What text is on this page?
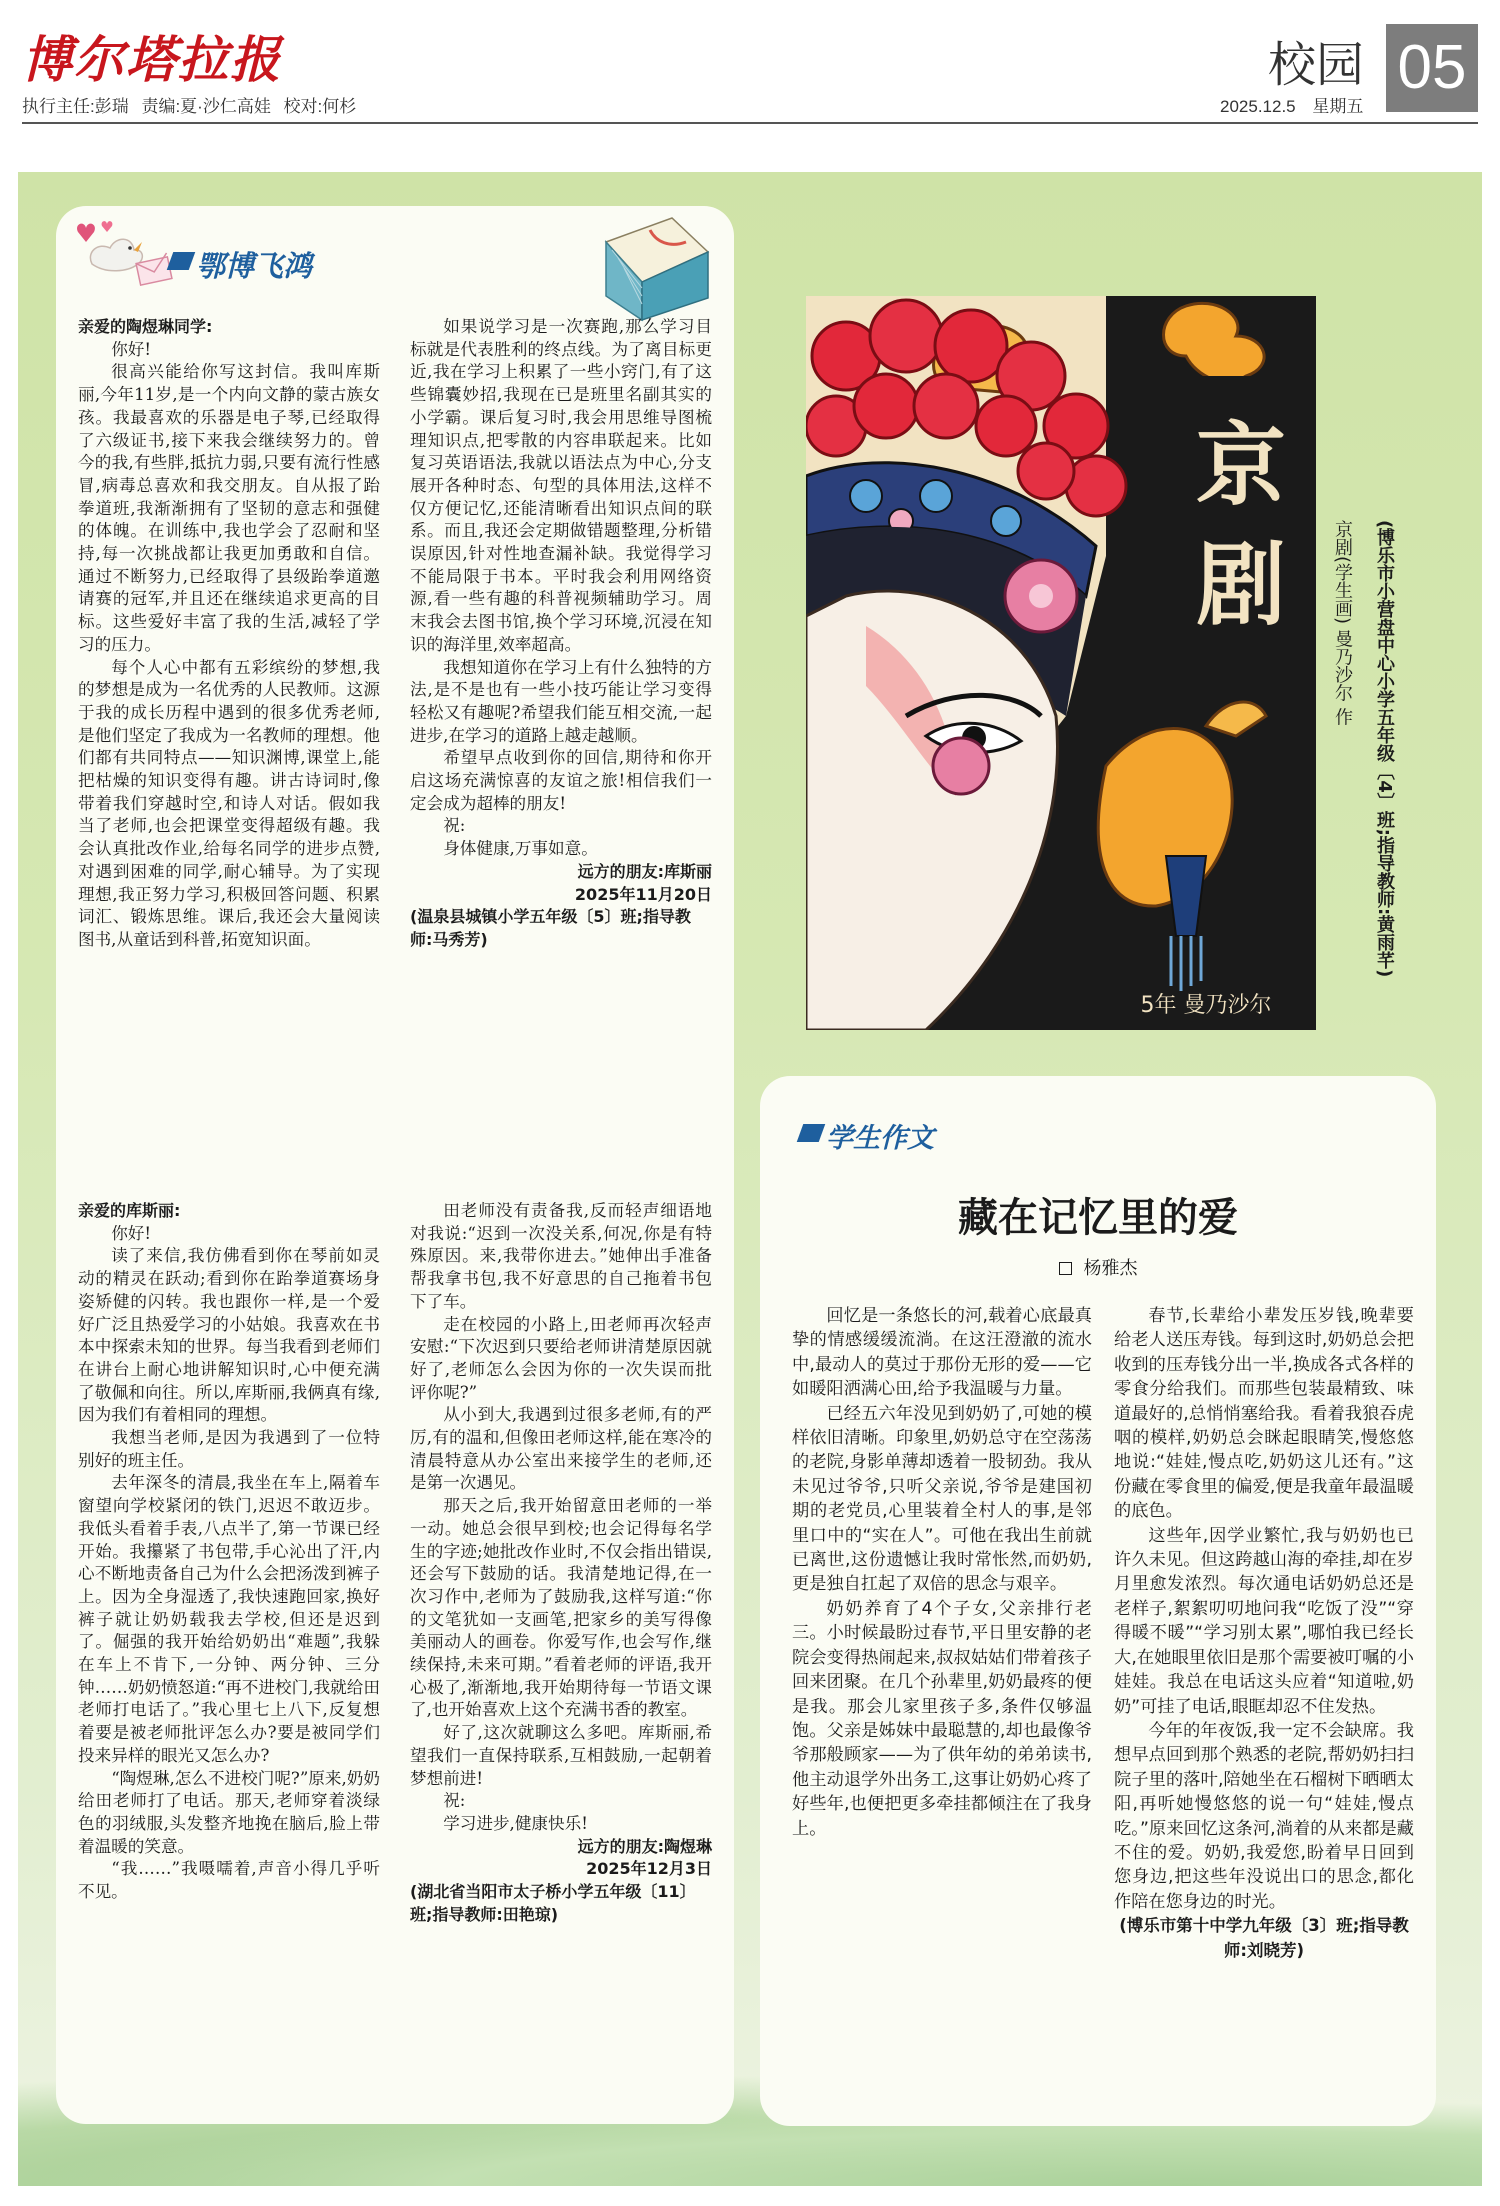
博尔塔拉报
执行主任:彭瑞 责编:夏·沙仁高娃 校对:何杉
校园 05
2025.12.5 星期五
鄂博飞鸿

亲爱的陶煜琳同学:

你好!

很高兴能给你写这封信。我叫库斯丽,今年11岁,是一个内向文静的蒙古族女孩。我最喜欢的乐器是电子琴,已经取得了六级证书,接下来我会继续努力的。曾今的我,有些胖,抵抗力弱,只要有流行性感冒,病毒总喜欢和我交朋友。自从报了跆拳道班,我渐渐拥有了坚韧的意志和强健的体魄。在训练中,我也学会了忍耐和坚持,每一次挑战都让我更加勇敢和自信。通过不断努力,已经取得了县级跆拳道邀请赛的冠军,并且还在继续追求更高的目标。这些爱好丰富了我的生活,减轻了学习的压力。

每个人心中都有五彩缤纷的梦想,我的梦想是成为一名优秀的人民教师。这源于我的成长历程中遇到的很多优秀老师,是他们坚定了我成为一名教师的理想。他们都有共同特点——知识渊博,课堂上,能把枯燥的知识变得有趣。讲古诗词时,像带着我们穿越时空,和诗人对话。假如我当了老师,也会把课堂变得超级有趣。我会认真批改作业,给每名同学的进步点赞,对遇到困难的同学,耐心辅导。为了实现理想,我正努力学习,积极回答问题、积累词汇、锻炼思维。课后,我还会大量阅读图书,从童话到科普,拓宽知识面。

如果说学习是一次赛跑,那么学习目标就是代表胜利的终点线。为了离目标更近,我在学习上积累了一些小窍门,有了这些锦囊妙招,我现在已是班里名副其实的小学霸。课后复习时,我会用思维导图梳理知识点,把零散的内容串联起来。比如复习英语语法,我就以语法点为中心,分支展开各种时态、句型的具体用法,这样不仅方便记忆,还能清晰看出知识点间的联系。而且,我还会定期做错题整理,分析错误原因,针对性地查漏补缺。我觉得学习不能局限于书本。平时我会利用网络资源,看一些有趣的科普视频辅助学习。周末我会去图书馆,换个学习环境,沉浸在知识的海洋里,效率超高。

我想知道你在学习上有什么独特的方法,是不是也有一些小技巧能让学习变得轻松又有趣呢?希望我们能互相交流,一起进步,在学习的道路上越走越顺。

希望早点收到你的回信,期待和你开启这场充满惊喜的友谊之旅!相信我们一定会成为超棒的朋友!

祝:

身体健康,万事如意。

远方的朋友:库斯丽

2025年11月20日

(温泉县城镇小学五年级〔5〕班;指导教师:马秀芳)

亲爱的库斯丽:

你好!

读了来信,我仿佛看到你在琴前如灵动的精灵在跃动;看到你在跆拳道赛场身姿矫健的闪转。我也跟你一样,是一个爱好广泛且热爱学习的小姑娘。我喜欢在书本中探索未知的世界。每当我看到老师们在讲台上耐心地讲解知识时,心中便充满了敬佩和向往。所以,库斯丽,我俩真有缘,因为我们有着相同的理想。

我想当老师,是因为我遇到了一位特别好的班主任。

去年深冬的清晨,我坐在车上,隔着车窗望向学校紧闭的铁门,迟迟不敢迈步。我低头看着手表,八点半了,第一节课已经开始。我攥紧了书包带,手心沁出了汗,内心不断地责备自己为什么会把汤泼到裤子上。因为全身湿透了,我快速跑回家,换好裤子就让奶奶载我去学校,但还是迟到了。倔强的我开始给奶奶出“难题”,我躲在车上不肯下,一分钟、两分钟、三分钟……奶奶愤怒道:“再不进校门,我就给田老师打电话了。”我心里七上八下,反复想着要是被老师批评怎么办?要是被同学们投来异样的眼光又怎么办?

“陶煜琳,怎么不进校门呢?”原来,奶奶给田老师打了电话。那天,老师穿着淡绿色的羽绒服,头发整齐地挽在脑后,脸上带着温暖的笑意。

“我……”我嗫嚅着,声音小得几乎听不见。

田老师没有责备我,反而轻声细语地对我说:“迟到一次没关系,何况,你是有特殊原因。来,我带你进去。”她伸出手准备帮我拿书包,我不好意思的自己拖着书包下了车。

走在校园的小路上,田老师再次轻声安慰:“下次迟到只要给老师讲清楚原因就好了,老师怎么会因为你的一次失误而批评你呢?”

从小到大,我遇到过很多老师,有的严厉,有的温和,但像田老师这样,能在寒冷的清晨特意从办公室出来接学生的老师,还是第一次遇见。

那天之后,我开始留意田老师的一举一动。她总会很早到校;也会记得每名学生的字迹;她批改作业时,不仅会指出错误,还会写下鼓励的话。我清楚地记得,在一次习作中,老师为了鼓励我,这样写道:“你的文笔犹如一支画笔,把家乡的美写得像美丽动人的画卷。你爱写作,也会写作,继续保持,未来可期。”看着老师的评语,我开心极了,渐渐地,我开始期待每一节语文课了,也开始喜欢上这个充满书香的教室。

好了,这次就聊这么多吧。库斯丽,希望我们一直保持联系,互相鼓励,一起朝着梦想前进!

祝:

学习进步,健康快乐!

远方的朋友:陶煜琳

2025年12月3日

(湖北省当阳市太子桥小学五年级〔11〕班;指导教师:田艳琼)

京
剧
5年 曼乃沙尔
京剧(学生画) 曼乃沙尔 作 (博乐市小营盘中心小学五年级〔4〕班;指导教师:黄雨芊)
学生作文
藏在记忆里的爱
杨雅杰

回忆是一条悠长的河,载着心底最真挚的情感缓缓流淌。在这汪澄澈的流水中,最动人的莫过于那份无形的爱——它如暖阳洒满心田,给予我温暖与力量。

已经五六年没见到奶奶了,可她的模样依旧清晰。印象里,奶奶总守在空荡荡的老院,身影单薄却透着一股韧劲。我从未见过爷爷,只听父亲说,爷爷是建国初期的老党员,心里装着全村人的事,是邻里口中的“实在人”。可他在我出生前就已离世,这份遗憾让我时常怅然,而奶奶,更是独自扛起了双倍的思念与艰辛。

奶奶养育了4个子女,父亲排行老三。小时候最盼过春节,平日里安静的老院会变得热闹起来,叔叔姑姑们带着孩子回来团聚。在几个孙辈里,奶奶最疼的便是我。那会儿家里孩子多,条件仅够温饱。父亲是姊妹中最聪慧的,却也最像爷爷那般顾家——为了供年幼的弟弟读书,他主动退学外出务工,这事让奶奶心疼了好些年,也便把更多牵挂都倾注在了我身上。

春节,长辈给小辈发压岁钱,晚辈要给老人送压寿钱。每到这时,奶奶总会把收到的压寿钱分出一半,换成各式各样的零食分给我们。而那些包装最精致、味道最好的,总悄悄塞给我。看着我狼吞虎咽的模样,奶奶总会眯起眼睛笑,慢悠悠地说:“娃娃,慢点吃,奶奶这儿还有。”这份藏在零食里的偏爱,便是我童年最温暖的底色。

这些年,因学业繁忙,我与奶奶也已许久未见。但这跨越山海的牵挂,却在岁月里愈发浓烈。每次通电话奶奶总还是老样子,絮絮叨叨地问我“吃饭了没”“穿得暖不暖”“学习别太累”,哪怕我已经长大,在她眼里依旧是那个需要被叮嘱的小娃娃。我总在电话这头应着“知道啦,奶奶”可挂了电话,眼眶却忍不住发热。

今年的年夜饭,我一定不会缺席。我想早点回到那个熟悉的老院,帮奶奶扫扫院子里的落叶,陪她坐在石榴树下晒晒太阳,再听她慢悠悠的说一句“娃娃,慢点吃。”原来回忆这条河,淌着的从来都是藏不住的爱。奶奶,我爱您,盼着早日回到您身边,把这些年没说出口的思念,都化作陪在您身边的时光。

(博乐市第十中学九年级〔3〕班;指导教师:刘晓芳)
